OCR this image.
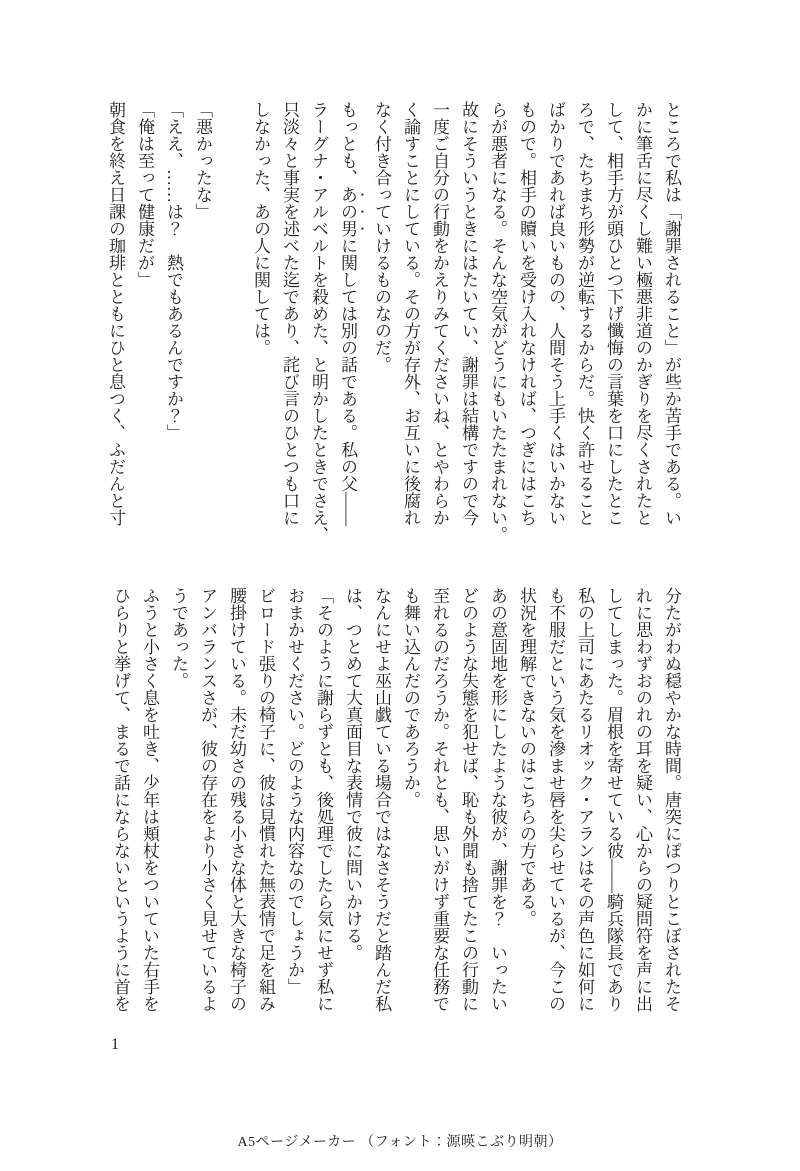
ところで私は「謝罪されること」が些か苦手である。い

かに筆舌に尽くし難い極悪非道のかぎりを尽くされたと

して、相手方が頭ひとつ下げ懺悔の言葉を口にしたとこ

ろで、たちまち形勢が逆転するからだ。快く許せること

ばかりであれば良いものの、人間そう上手くはいかない

もので。相手の贖いを受け入れなければ、つぎにはこち

らが悪者になる。そんな空気がどうにもいたたまれない。

故にそういうときにはたいてい、謝罪は結構ですので今

一度ご自分の行動をかえりみてくださいね、とやわらか

く諭すことにしている。その方が存外、お互いに後腐れ

なく付き合っていけるものなのだ。

もっとも、あの男に関しては別の話である。私の父――

ラーグナ・アルベルトを殺めた、と明かしたときでさえ、

只淡々と事実を述べた迄であり、詫び言のひとつも口に

しなかった、あの人に関しては。

「悪かったな」

「ええ、……は？　熱でもあるんですか？」

「俺は至って健康だが」

朝食を終え日課の珈琲とともにひと息つく、ふだんと寸

分たがわぬ穏やかな時間。唐突にぽつりとこぼされたそ

れに思わずおのれの耳を疑い、心からの疑問符を声に出

してしまった。眉根を寄せている彼――騎兵隊長であり

私の上司にあたるリオック・アランはその声色に如何に

も不服だという気を滲ませ唇を尖らせているが、今この

状況を理解できないのはこちらの方である。

あの意固地を形にしたような彼が、謝罪を？　いったい

どのような失態を犯せば、恥も外聞も捨てたこの行動に

至れるのだろうか。それとも、思いがけず重要な任務で

も舞い込んだのであろうか。

なんにせよ巫山戯ている場合ではなさそうだと踏んだ私

は、つとめて大真面目な表情で彼に問いかける。

「そのように謝らずとも、後処理でしたら気にせず私に

おまかせください。どのような内容なのでしょうか」

ビロード張りの椅子に、彼は見慣れた無表情で足を組み

腰掛けている。未だ幼さの残る小さな体と大きな椅子の

アンバランスさが、彼の存在をより小さく見せているよ

うであった。

ふうと小さく息を吐き、少年は頬杖をついていた右手を

ひらりと挙げて、まるで話にならないというように首を

1
A5ページメーカー （フォント：源暎こぶり明朝）
